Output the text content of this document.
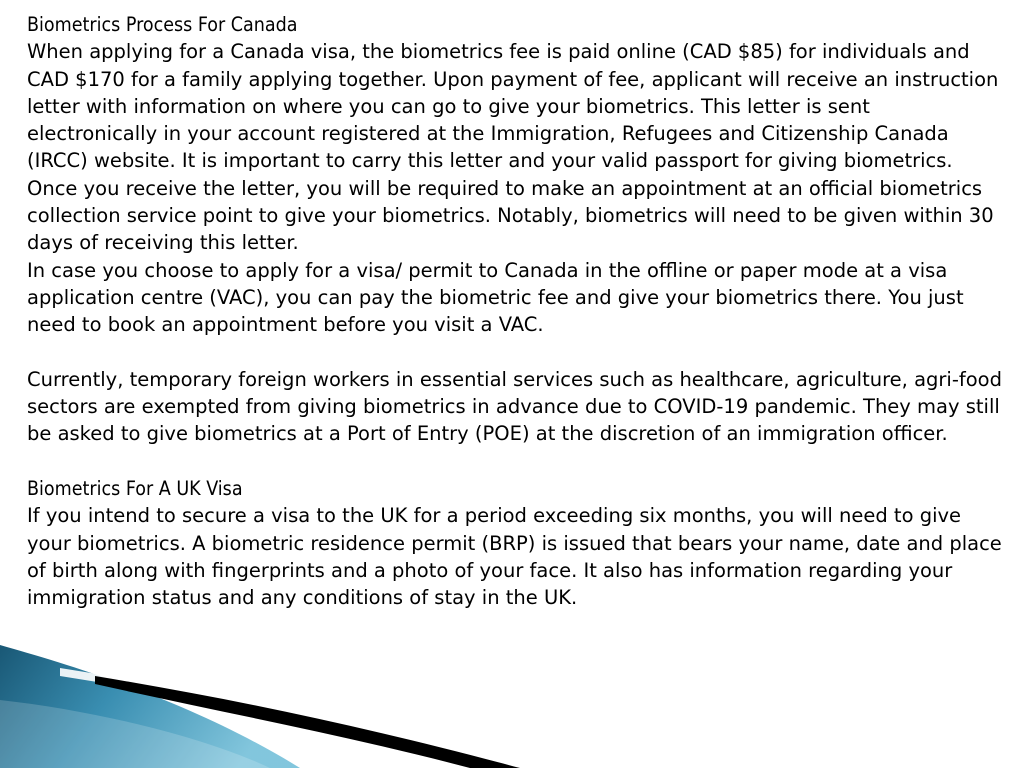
Biometrics Process For Canada

When applying for a Canada visa, the biometrics fee is paid online (CAD $85) for individuals and CAD $170 for a family applying together. Upon payment of fee, applicant will receive an instruction letter with information on where you can go to give your biometrics. This letter is sent electronically in your account registered at the Immigration, Refugees and Citizenship Canada (IRCC) website. It is important to carry this letter and your valid passport for giving biometrics.

Once you receive the letter, you will be required to make an appointment at an official biometrics collection service point to give your biometrics. Notably, biometrics will need to be given within 30 days of receiving this letter.

In case you choose to apply for a visa/ permit to Canada in the offline or paper mode at a visa application centre (VAC), you can pay the biometric fee and give your biometrics there. You just need to book an appointment before you visit a VAC.

Currently, temporary foreign workers in essential services such as healthcare, agriculture, agri-food sectors are exempted from giving biometrics in advance due to COVID-19 pandemic. They may still be asked to give biometrics at a Port of Entry (POE) at the discretion of an immigration officer.

Biometrics For A UK Visa

If you intend to secure a visa to the UK for a period exceeding six months, you will need to give your biometrics. A biometric residence permit (BRP) is issued that bears your name, date and place of birth along with fingerprints and a photo of your face. It also has information regarding your immigration status and any conditions of stay in the UK.
